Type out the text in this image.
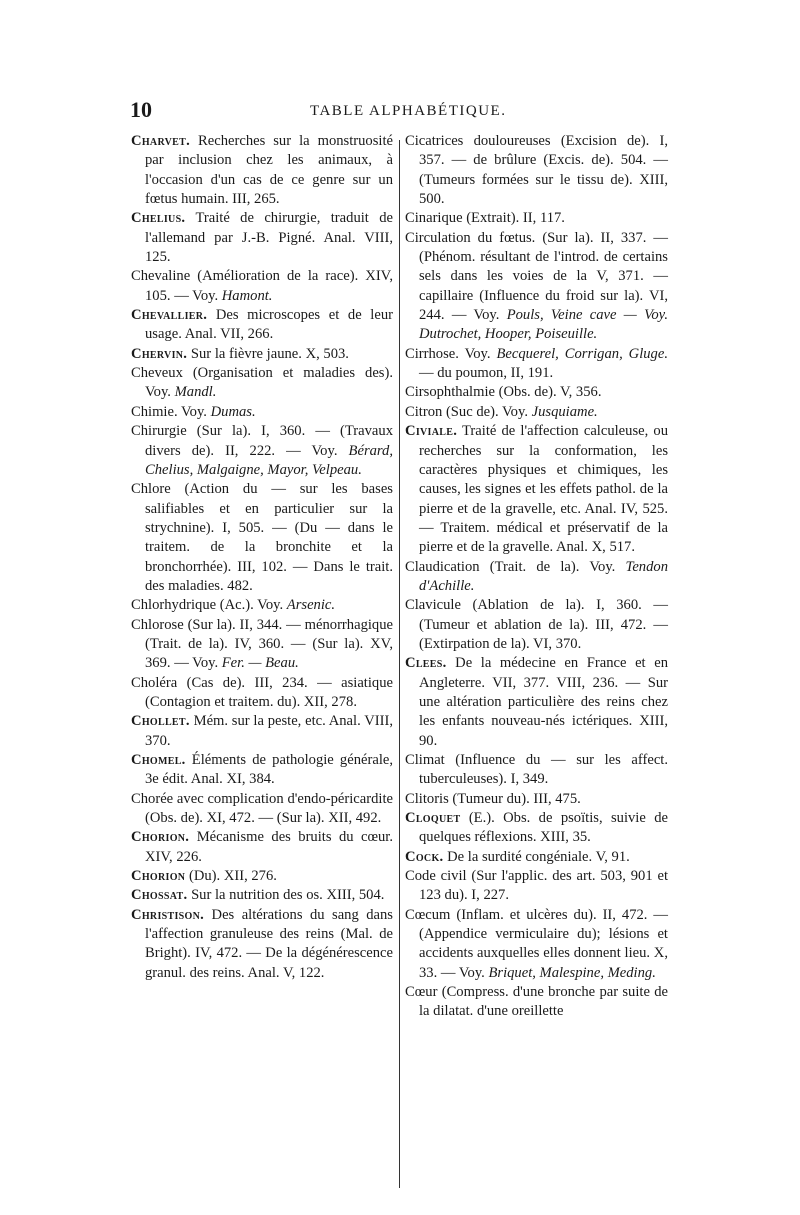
10	TABLE ALPHABÉTIQUE.
Charvet. Recherches sur la monstruosité par inclusion chez les animaux, à l'occasion d'un cas de ce genre sur un fœtus humain. III, 265.
Chelius. Traité de chirurgie, traduit de l'allemand par J.-B. Pigné. Anal. VIII, 125.
Chevaline (Amélioration de la race). XIV, 105. — Voy. Hamont.
Chevallier. Des microscopes et de leur usage. Anal. VII, 266.
Chervin. Sur la fièvre jaune. X, 503.
Cheveux (Organisation et maladies des). Voy. Mandl.
Chimie. Voy. Dumas.
Chirurgie (Sur la). I, 360. — (Travaux divers de). II, 222. — Voy. Bérard, Chelius, Malgaigne, Mayor, Velpeau.
Chlore (Action du — sur les bases salifiables et en particulier sur la strychnine). I, 505. — (Du — dans le traitem. de la bronchite et la bronchorrhée). III, 102. — Dans le trait. des maladies. 482.
Chlorhydrique (Ac.). Voy. Arsenic.
Chlorose (Sur la). II, 344. — ménorrhagique (Trait. de la). IV, 360. — (Sur la). XV, 369. — Voy. Fer. — Beau.
Choléra (Cas de). III, 234. — asiatique (Contagion et traitem. du). XII, 278.
Chollet. Mém. sur la peste, etc. Anal. VIII, 370.
Chomel. Éléments de pathologie générale, 3e édit. Anal. XI, 384.
Chorée avec complication d'endo-péricardite (Obs. de). XI, 472. — (Sur la). XII, 492.
Chorion. Mécanisme des bruits du cœur. XIV, 226.
Chorion (Du). XII, 276.
Chossat. Sur la nutrition des os. XIII, 504.
Christison. Des altérations du sang dans l'affection granuleuse des reins (Mal. de Bright). IV, 472. — De la dégénérescence granul. des reins. Anal. V, 122.
Cicatrices douloureuses (Excision de). I, 357. — de brûlure (Excis. de). 504. — (Tumeurs formées sur le tissu de). XIII, 500.
Cinarique (Extrait). II, 117.
Circulation du fœtus. (Sur la). II, 337. — (Phénom. résultant de l'introd. de certains sels dans les voies de la V, 371. — capillaire (Influence du froid sur la). VI, 244. — Voy. Pouls, Veine cave — Voy. Dutrochet, Hooper, Poiseuille.
Cirrhose. Voy. Becquerel, Corrigan, Gluge. — du poumon, II, 191.
Cirsophthalmie (Obs. de). V, 356.
Citron (Suc de). Voy. Jusquiame.
Civiale. Traité de l'affection calculeuse, ou recherches sur la conformation, les caractères physiques et chimiques, les causes, les signes et les effets pathol. de la pierre et de la gravelle, etc. Anal. IV, 525. — Traitem. médical et préservatif de la pierre et de la gravelle. Anal. X, 517.
Claudication (Trait. de la). Voy. Tendon d'Achille.
Clavicule (Ablation de la). I, 360. — (Tumeur et ablation de la). III, 472. — (Extirpation de la). VI, 370.
Clees. De la médecine en France et en Angleterre. VII, 377. VIII, 236. — Sur une altération particulière des reins chez les enfants nouveau-nés ictériques. XIII, 90.
Climat (Influence du — sur les affect. tuberculeuses). I, 349.
Clitoris (Tumeur du). III, 475.
Cloquet (E.). Obs. de psoïtis, suivie de quelques réflexions. XIII, 35.
Cock. De la surdité congéniale. V, 91.
Code civil (Sur l'applic. des art. 503, 901 et 123 du). I, 227.
Cœcum (Inflam. et ulcères du). II, 472. — (Appendice vermiculaire du); lésions et accidents auxquelles elles donnent lieu. X, 33. — Voy. Briquet, Malespine, Meding.
Cœur (Compress. d'une bronche par suite de la dilatat. d'une oreillette
